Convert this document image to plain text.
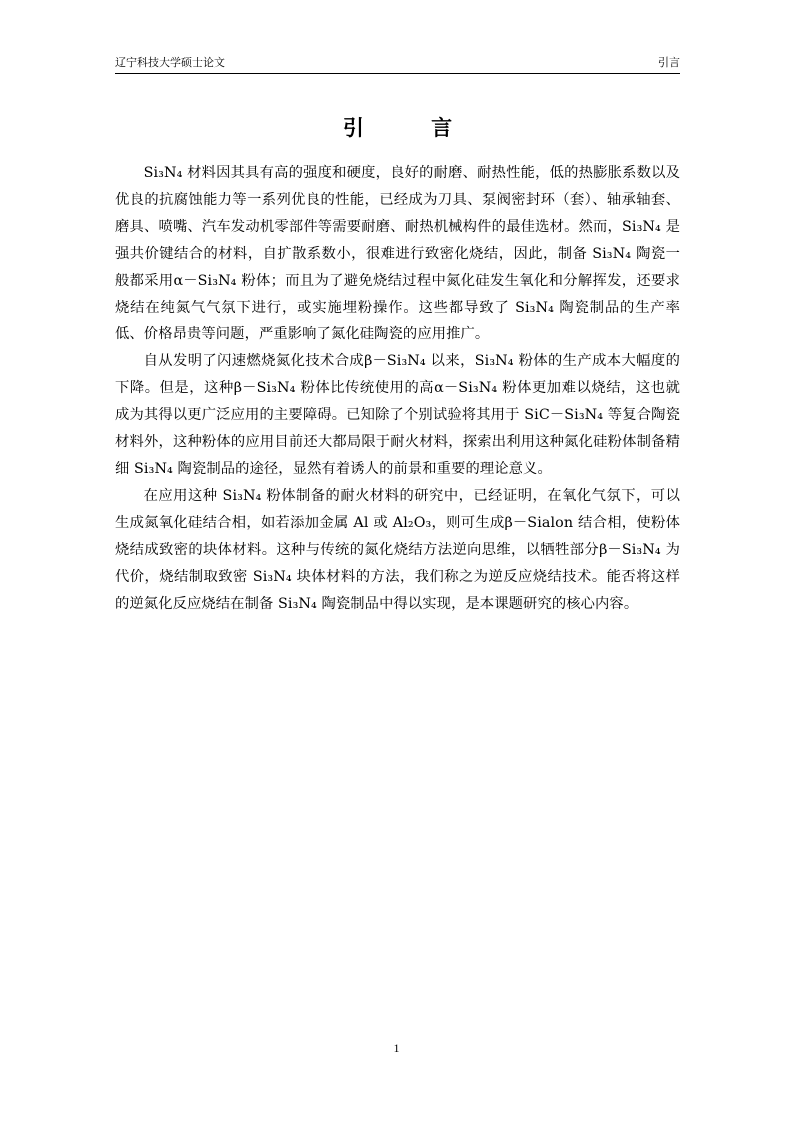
辽宁科技大学硕士论文	引言
引 言

Si₃N₄ 材料因其具有高的强度和硬度，良好的耐磨、耐热性能，低的热膨胀系数以及优良的抗腐蚀能力等一系列优良的性能，已经成为刀具、泵阀密封环（套）、轴承轴套、磨具、喷嘴、汽车发动机零部件等需要耐磨、耐热机械构件的最佳选材。然而，Si₃N₄ 是强共价键结合的材料，自扩散系数小，很难进行致密化烧结，因此，制备 Si₃N₄ 陶瓷一般都采用α－Si₃N₄ 粉体；而且为了避免烧结过程中氮化硅发生氧化和分解挥发，还要求烧结在纯氮气气氛下进行，或实施埋粉操作。这些都导致了 Si₃N₄ 陶瓷制品的生产率低、价格昂贵等问题，严重影响了氮化硅陶瓷的应用推广。

自从发明了闪速燃烧氮化技术合成β－Si₃N₄ 以来，Si₃N₄ 粉体的生产成本大幅度的下降。但是，这种β－Si₃N₄ 粉体比传统使用的高α－Si₃N₄ 粉体更加难以烧结，这也就成为其得以更广泛应用的主要障碍。已知除了个别试验将其用于 SiC－Si₃N₄ 等复合陶瓷材料外，这种粉体的应用目前还大都局限于耐火材料，探索出利用这种氮化硅粉体制备精细 Si₃N₄ 陶瓷制品的途径，显然有着诱人的前景和重要的理论意义。

在应用这种 Si₃N₄ 粉体制备的耐火材料的研究中，已经证明，在氧化气氛下，可以生成氮氧化硅结合相，如若添加金属 Al 或 Al₂O₃，则可生成β－Sialon 结合相，使粉体烧结成致密的块体材料。这种与传统的氮化烧结方法逆向思维，以牺牲部分β－Si₃N₄ 为代价，烧结制取致密 Si₃N₄ 块体材料的方法，我们称之为逆反应烧结技术。能否将这样的逆氮化反应烧结在制备 Si₃N₄ 陶瓷制品中得以实现，是本课题研究的核心内容。

1
